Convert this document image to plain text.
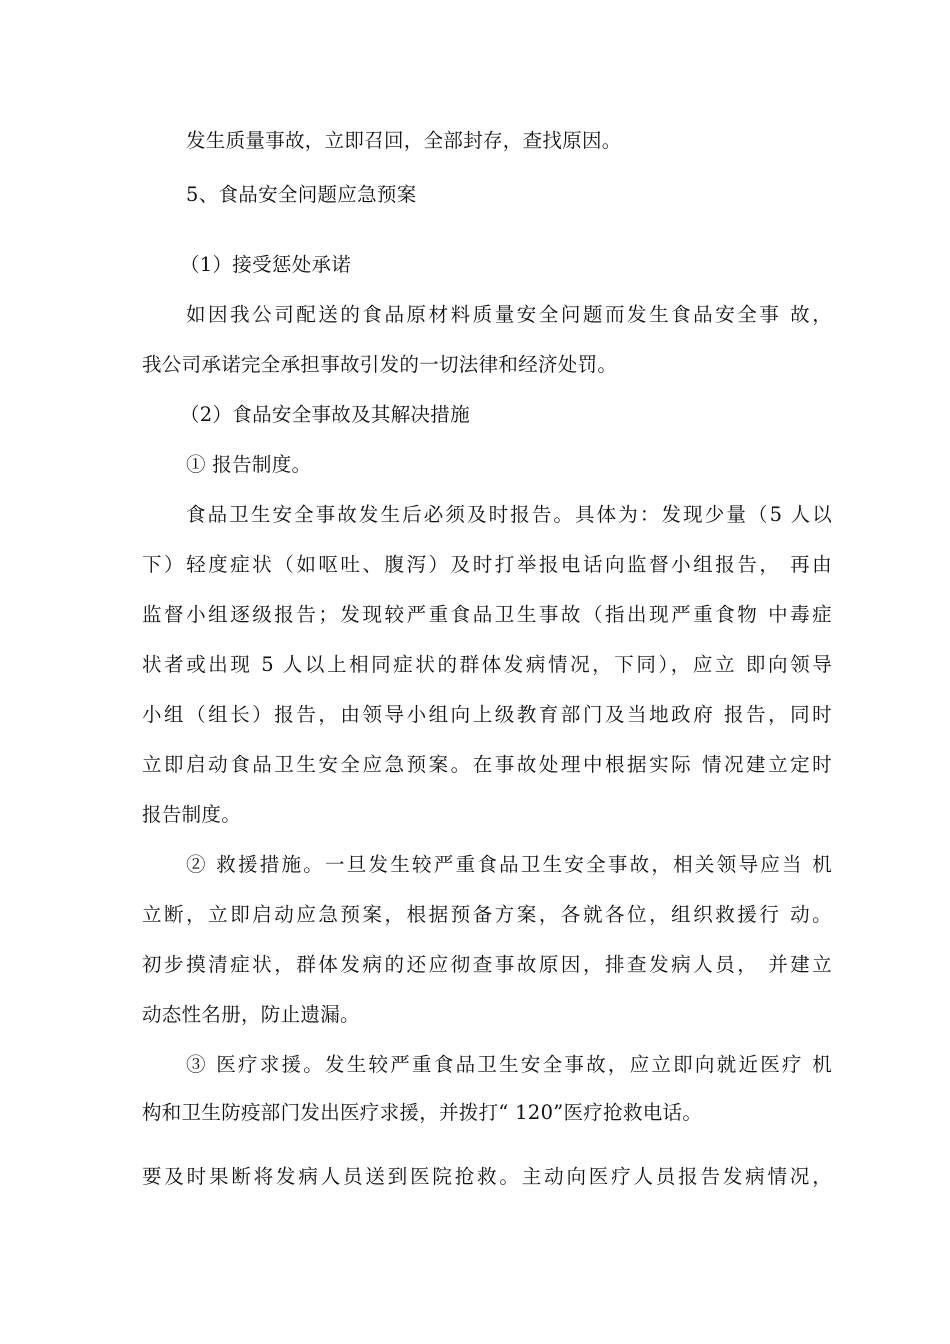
发生质量事故，立即召回，全部封存，查找原因。
5、食品安全问题应急预案
（1）接受惩处承诺
如因我公司配送的食品原材料质量安全问题而发生食品安全事 故，
我公司承诺完全承担事故引发的一切法律和经济处罚。
（2）食品安全事故及其解决措施
① 报告制度。
食品卫生安全事故发生后必须及时报告。具体为：发现少量（5 人以
下）轻度症状（如呕吐、腹泻）及时打举报电话向监督小组报告， 再由
监督小组逐级报告；发现较严重食品卫生事故（指出现严重食物 中毒症
状者或出现 5 人以上相同症状的群体发病情况，下同），应立 即向领导
小组（组长）报告，由领导小组向上级教育部门及当地政府 报告，同时
立即启动食品卫生安全应急预案。在事故处理中根据实际 情况建立定时
报告制度。
② 救援措施。一旦发生较严重食品卫生安全事故，相关领导应当 机
立断，立即启动应急预案，根据预备方案，各就各位，组织救援行 动。
初步摸清症状，群体发病的还应彻查事故原因，排查发病人员， 并建立
动态性名册，防止遗漏。
③ 医疗求援。发生较严重食品卫生安全事故，应立即向就近医疗 机
构和卫生防疫部门发出医疗求援，并拨打“ 120”医疗抢救电话。
要及时果断将发病人员送到医院抢救。主动向医疗人员报告发病情况，
